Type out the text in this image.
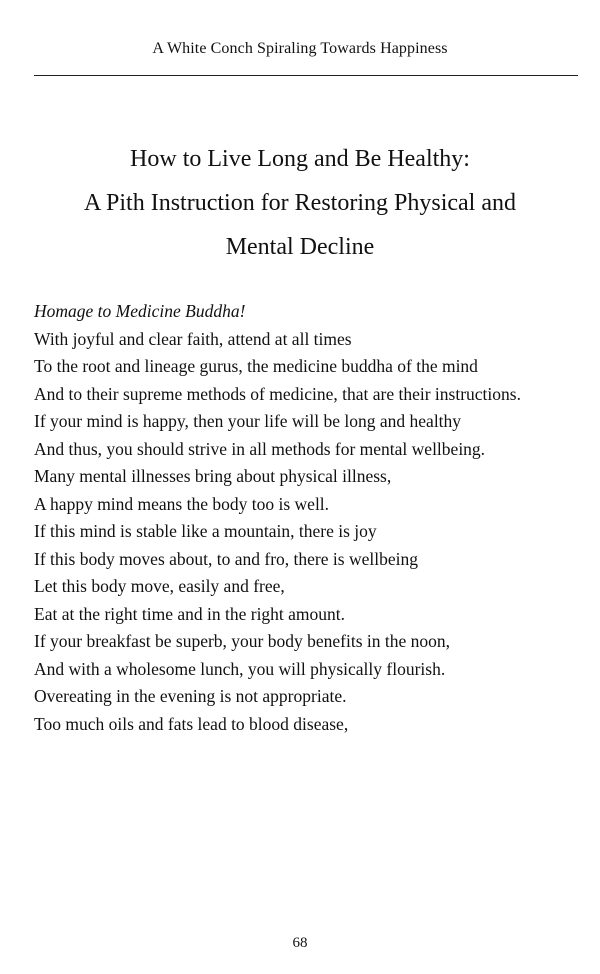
A White Conch Spiraling Towards Happiness
How to Live Long and Be Healthy:
A Pith Instruction for Restoring Physical and
Mental Decline
Homage to Medicine Buddha!
With joyful and clear faith, attend at all times
To the root and lineage gurus, the medicine buddha of the mind
And to their supreme methods of medicine, that are their instructions.
If your mind is happy, then your life will be long and healthy
And thus, you should strive in all methods for mental wellbeing.
Many mental illnesses bring about physical illness,
A happy mind means the body too is well.
If this mind is stable like a mountain, there is joy
If this body moves about, to and fro, there is wellbeing
Let this body move, easily and free,
Eat at the right time and in the right amount.
If your breakfast be superb, your body benefits in the noon,
And with a wholesome lunch, you will physically flourish.
Overeating in the evening is not appropriate.
Too much oils and fats lead to blood disease,
68
